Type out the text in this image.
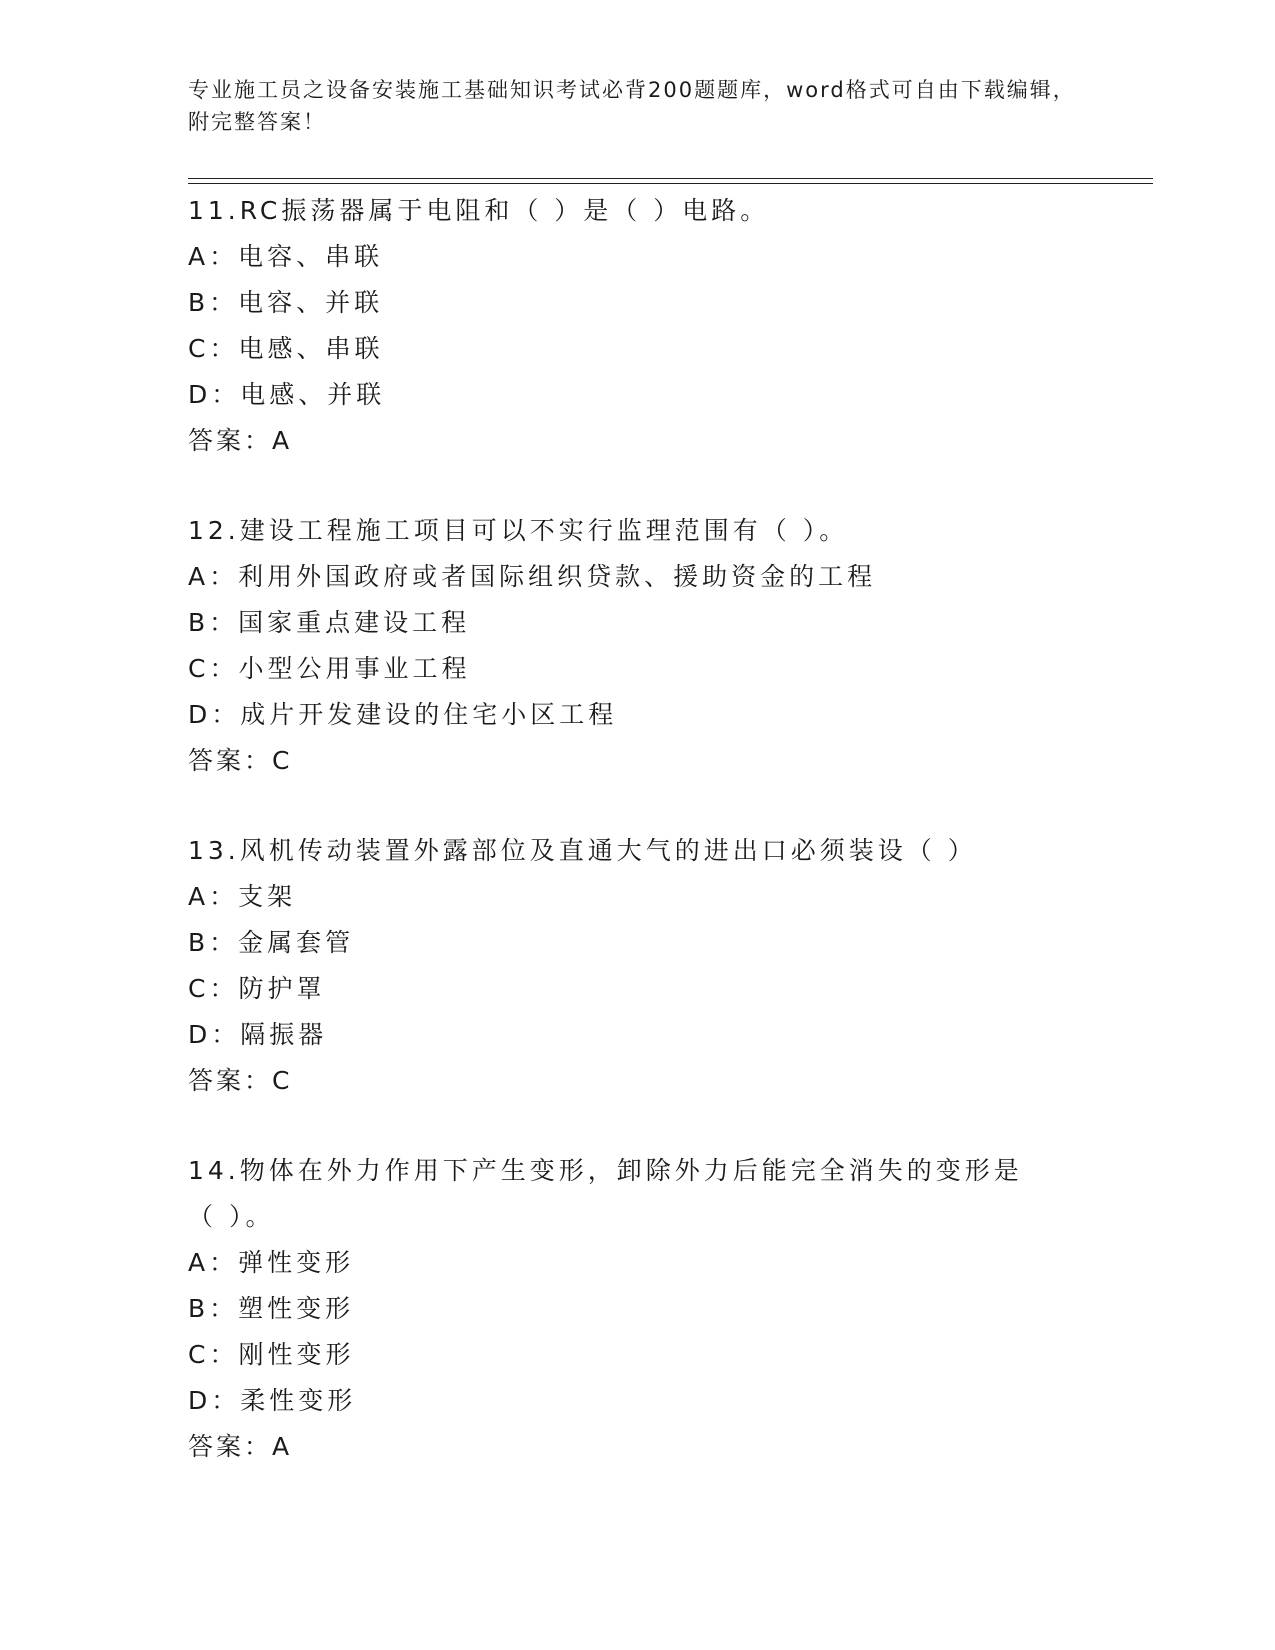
专业施工员之设备安装施工基础知识考试必背200题题库，word格式可自由下载编辑，附完整答案！
11.RC振荡器属于电阻和（ ）是（ ）电路。
A：电容、串联
B：电容、并联
C：电感、串联
D：电感、并联
答案：A
12.建设工程施工项目可以不实行监理范围有（ ）。
A：利用外国政府或者国际组织贷款、援助资金的工程
B：国家重点建设工程
C：小型公用事业工程
D：成片开发建设的住宅小区工程
答案：C
13.风机传动装置外露部位及直通大气的进出口必须装设（ ）
A：支架
B：金属套管
C：防护罩
D：隔振器
答案：C
14.物体在外力作用下产生变形，卸除外力后能完全消失的变形是（ ）。
A：弹性变形
B：塑性变形
C：刚性变形
D：柔性变形
答案：A
